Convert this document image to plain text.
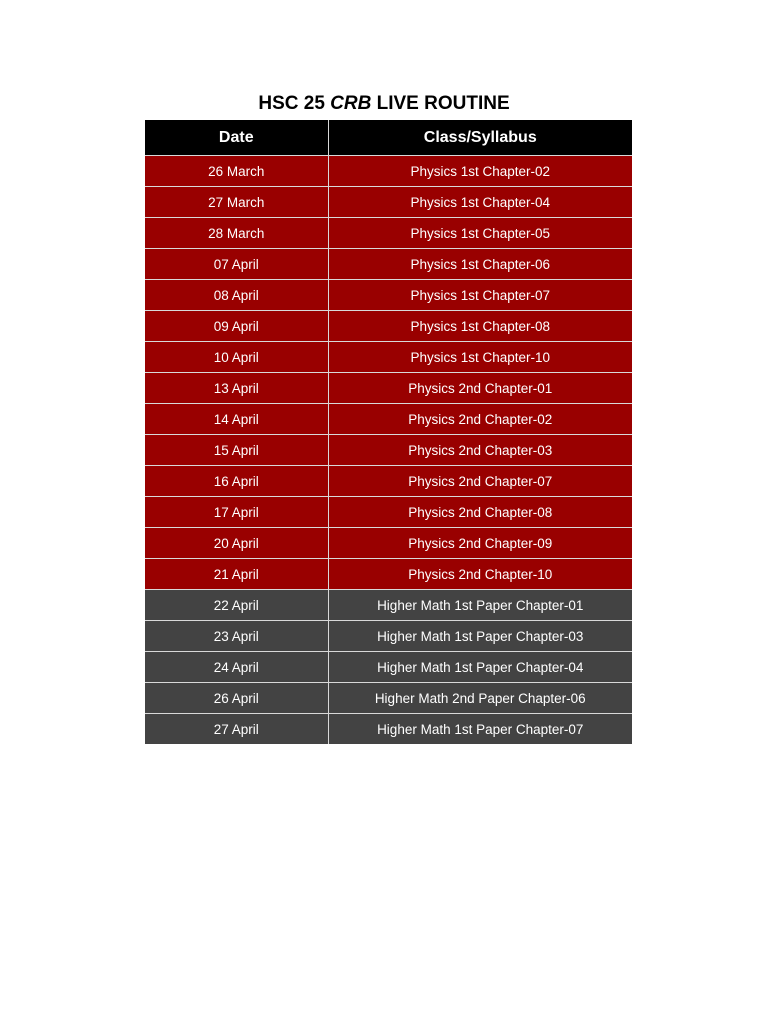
HSC 25 CRB LIVE ROUTINE
Date	Class/Syllabus
26 March	Physics 1st Chapter-02
27 March	Physics 1st Chapter-04
28 March	Physics 1st Chapter-05
07 April	Physics 1st Chapter-06
08 April	Physics 1st Chapter-07
09 April	Physics 1st Chapter-08
10 April	Physics 1st Chapter-10
13 April	Physics 2nd Chapter-01
14 April	Physics 2nd Chapter-02
15 April	Physics 2nd Chapter-03
16 April	Physics 2nd Chapter-07
17 April	Physics 2nd Chapter-08
20 April	Physics 2nd Chapter-09
21 April	Physics 2nd Chapter-10
22 April	Higher Math 1st Paper Chapter-01
23 April	Higher Math 1st Paper Chapter-03
24 April	Higher Math 1st Paper Chapter-04
26 April	Higher Math 2nd Paper Chapter-06
27 April	Higher Math 1st Paper Chapter-07
